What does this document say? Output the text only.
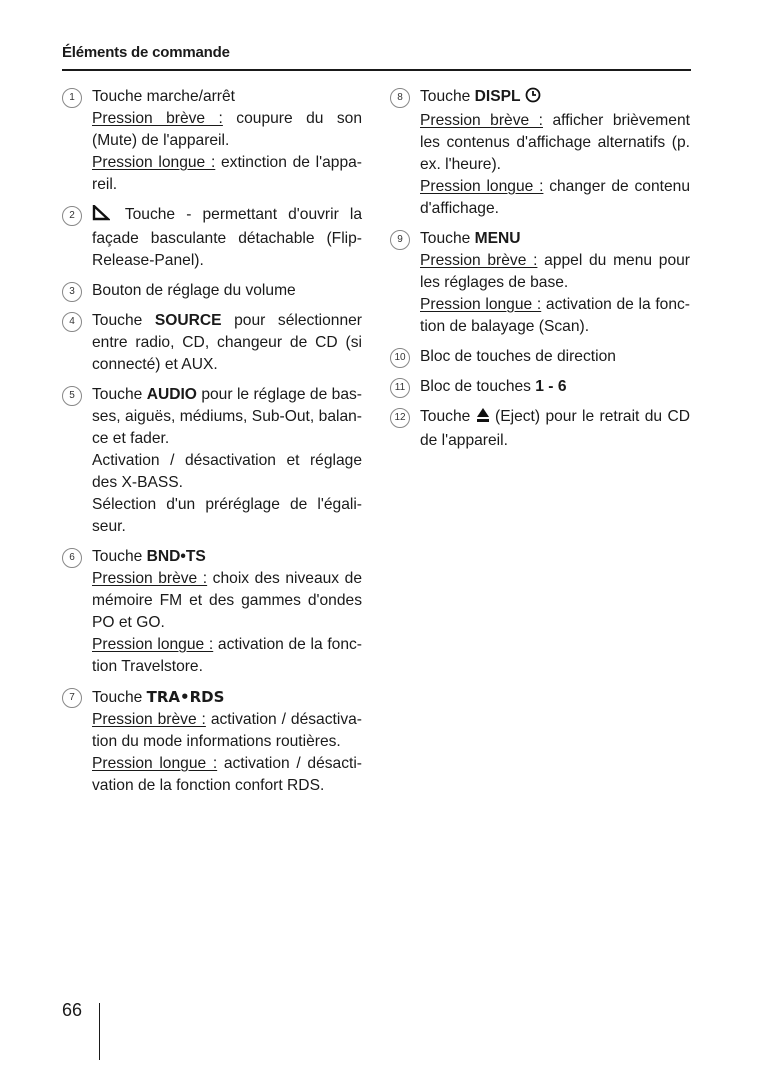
Éléments de commande
1	Touche marche/arrêt
Pression brève : coupure du son (Mute) de l'appareil.
Pression longue : extinction de l'appa-reil.
2	Touche - permettant d'ouvrir la façade basculante détachable (Flip-Release-Panel).
3	Bouton de réglage du volume
4	Touche SOURCE pour sélectionner entre radio, CD, changeur de CD (si connecté) et AUX.
5	Touche AUDIO pour le réglage de bas-ses, aiguës, médiums, Sub-Out, balan-ce et fader.
Activation / désactivation et réglage des X-BASS.
Sélection d'un préréglage de l'égali-seur.
6	Touche BND•TS
Pression brève : choix des niveaux de mémoire FM et des gammes d'ondes PO et GO.
Pression longue : activation de la fonc-tion Travelstore.
7	Touche TRA•RDS
Pression brève : activation / désactiva-tion du mode informations routières.
Pression longue : activation / désacti-vation de la fonction confort RDS.
8	Touche DISPL
Pression brève : afficher brièvement les contenus d'affichage alternatifs (p. ex. l'heure).
Pression longue : changer de contenu d'affichage.
9	Touche MENU
Pression brève : appel du menu pour les réglages de base.
Pression longue : activation de la fonc-tion de balayage (Scan).
10 Bloc de touches de direction
11 Bloc de touches 1 - 6
12 Touche  (Eject) pour le retrait du CD de l'appareil.
66
